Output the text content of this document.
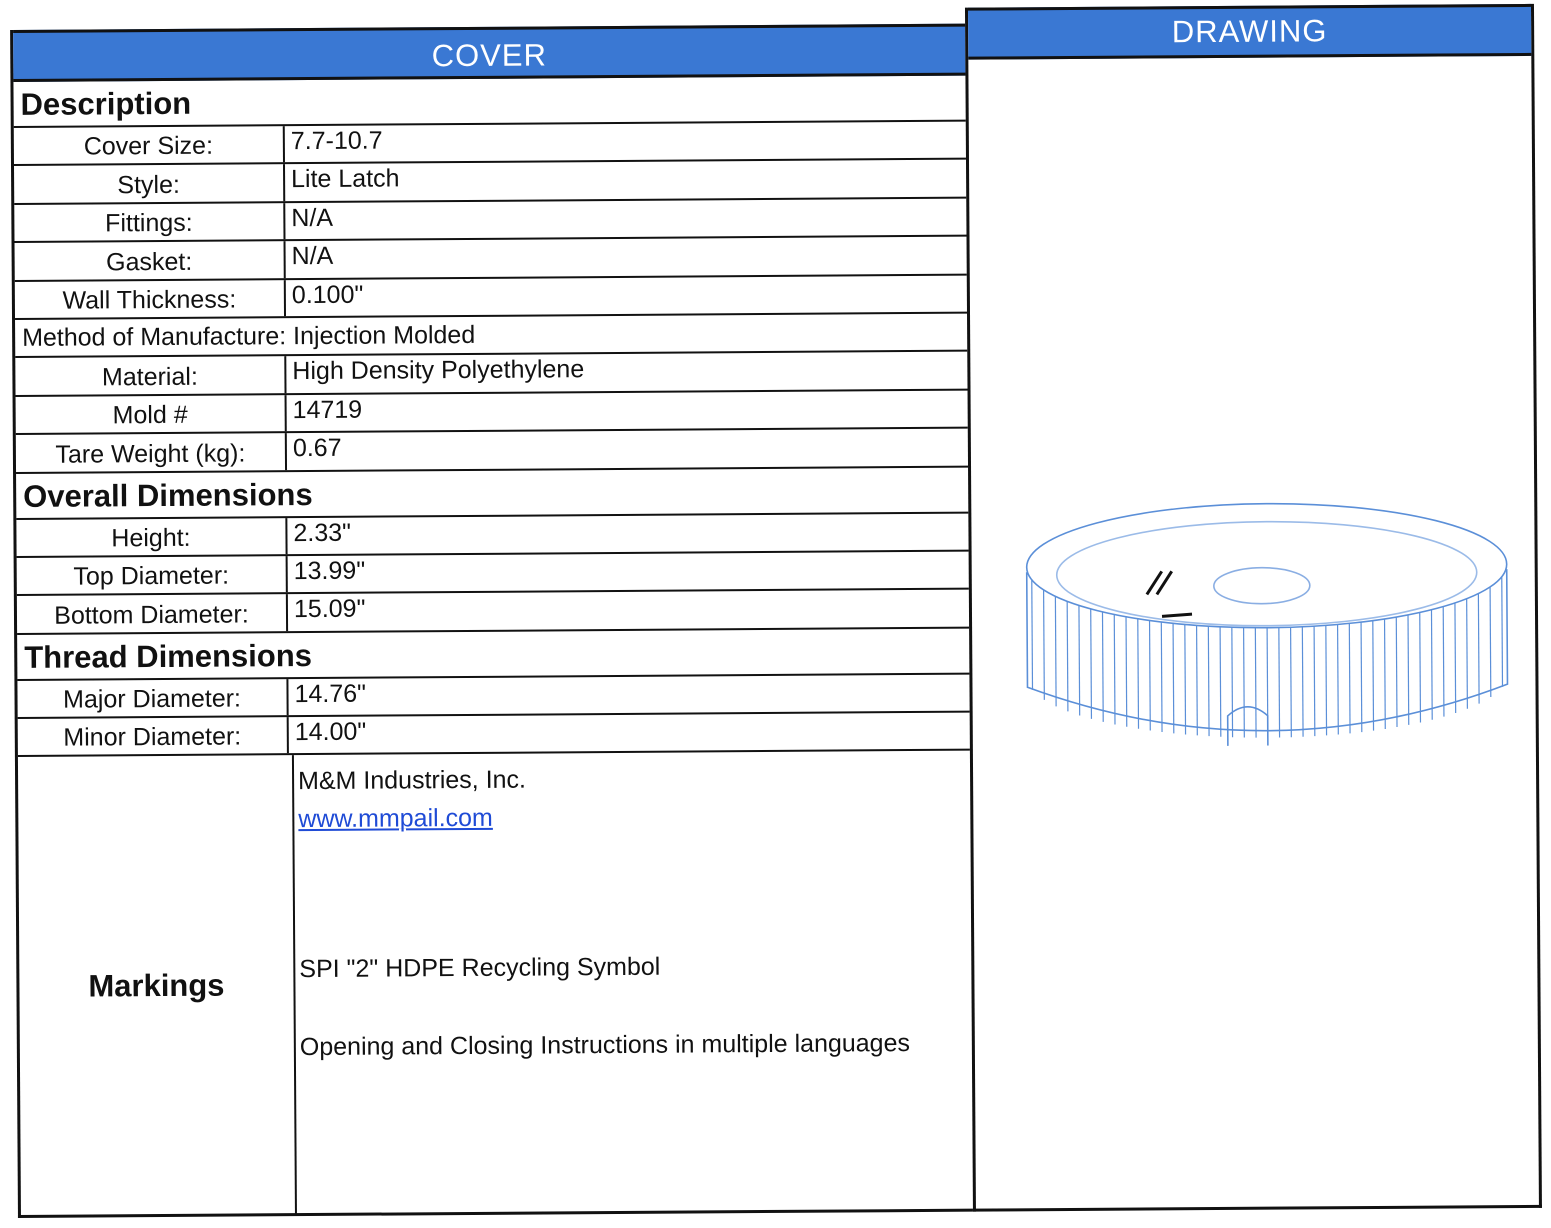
COVER
Description
Cover Size:	7.7-10.7
Style:	Lite Latch
Fittings:	N/A
Gasket:	N/A
Wall Thickness:	0.100"
Method of Manufacture: Injection Molded
Material:	High Density Polyethylene
Mold #	14719
Tare Weight (kg):	0.67
Overall Dimensions
Height:	2.33"
Top Diameter:	13.99"
Bottom Diameter:	15.09"
Thread Dimensions
Major Diameter:	14.76"
Minor Diameter:	14.00"
Markings
M&M Industries, Inc.
www.mmpail.com
SPI "2" HDPE Recycling Symbol
Opening and Closing Instructions in multiple languages
DRAWING
